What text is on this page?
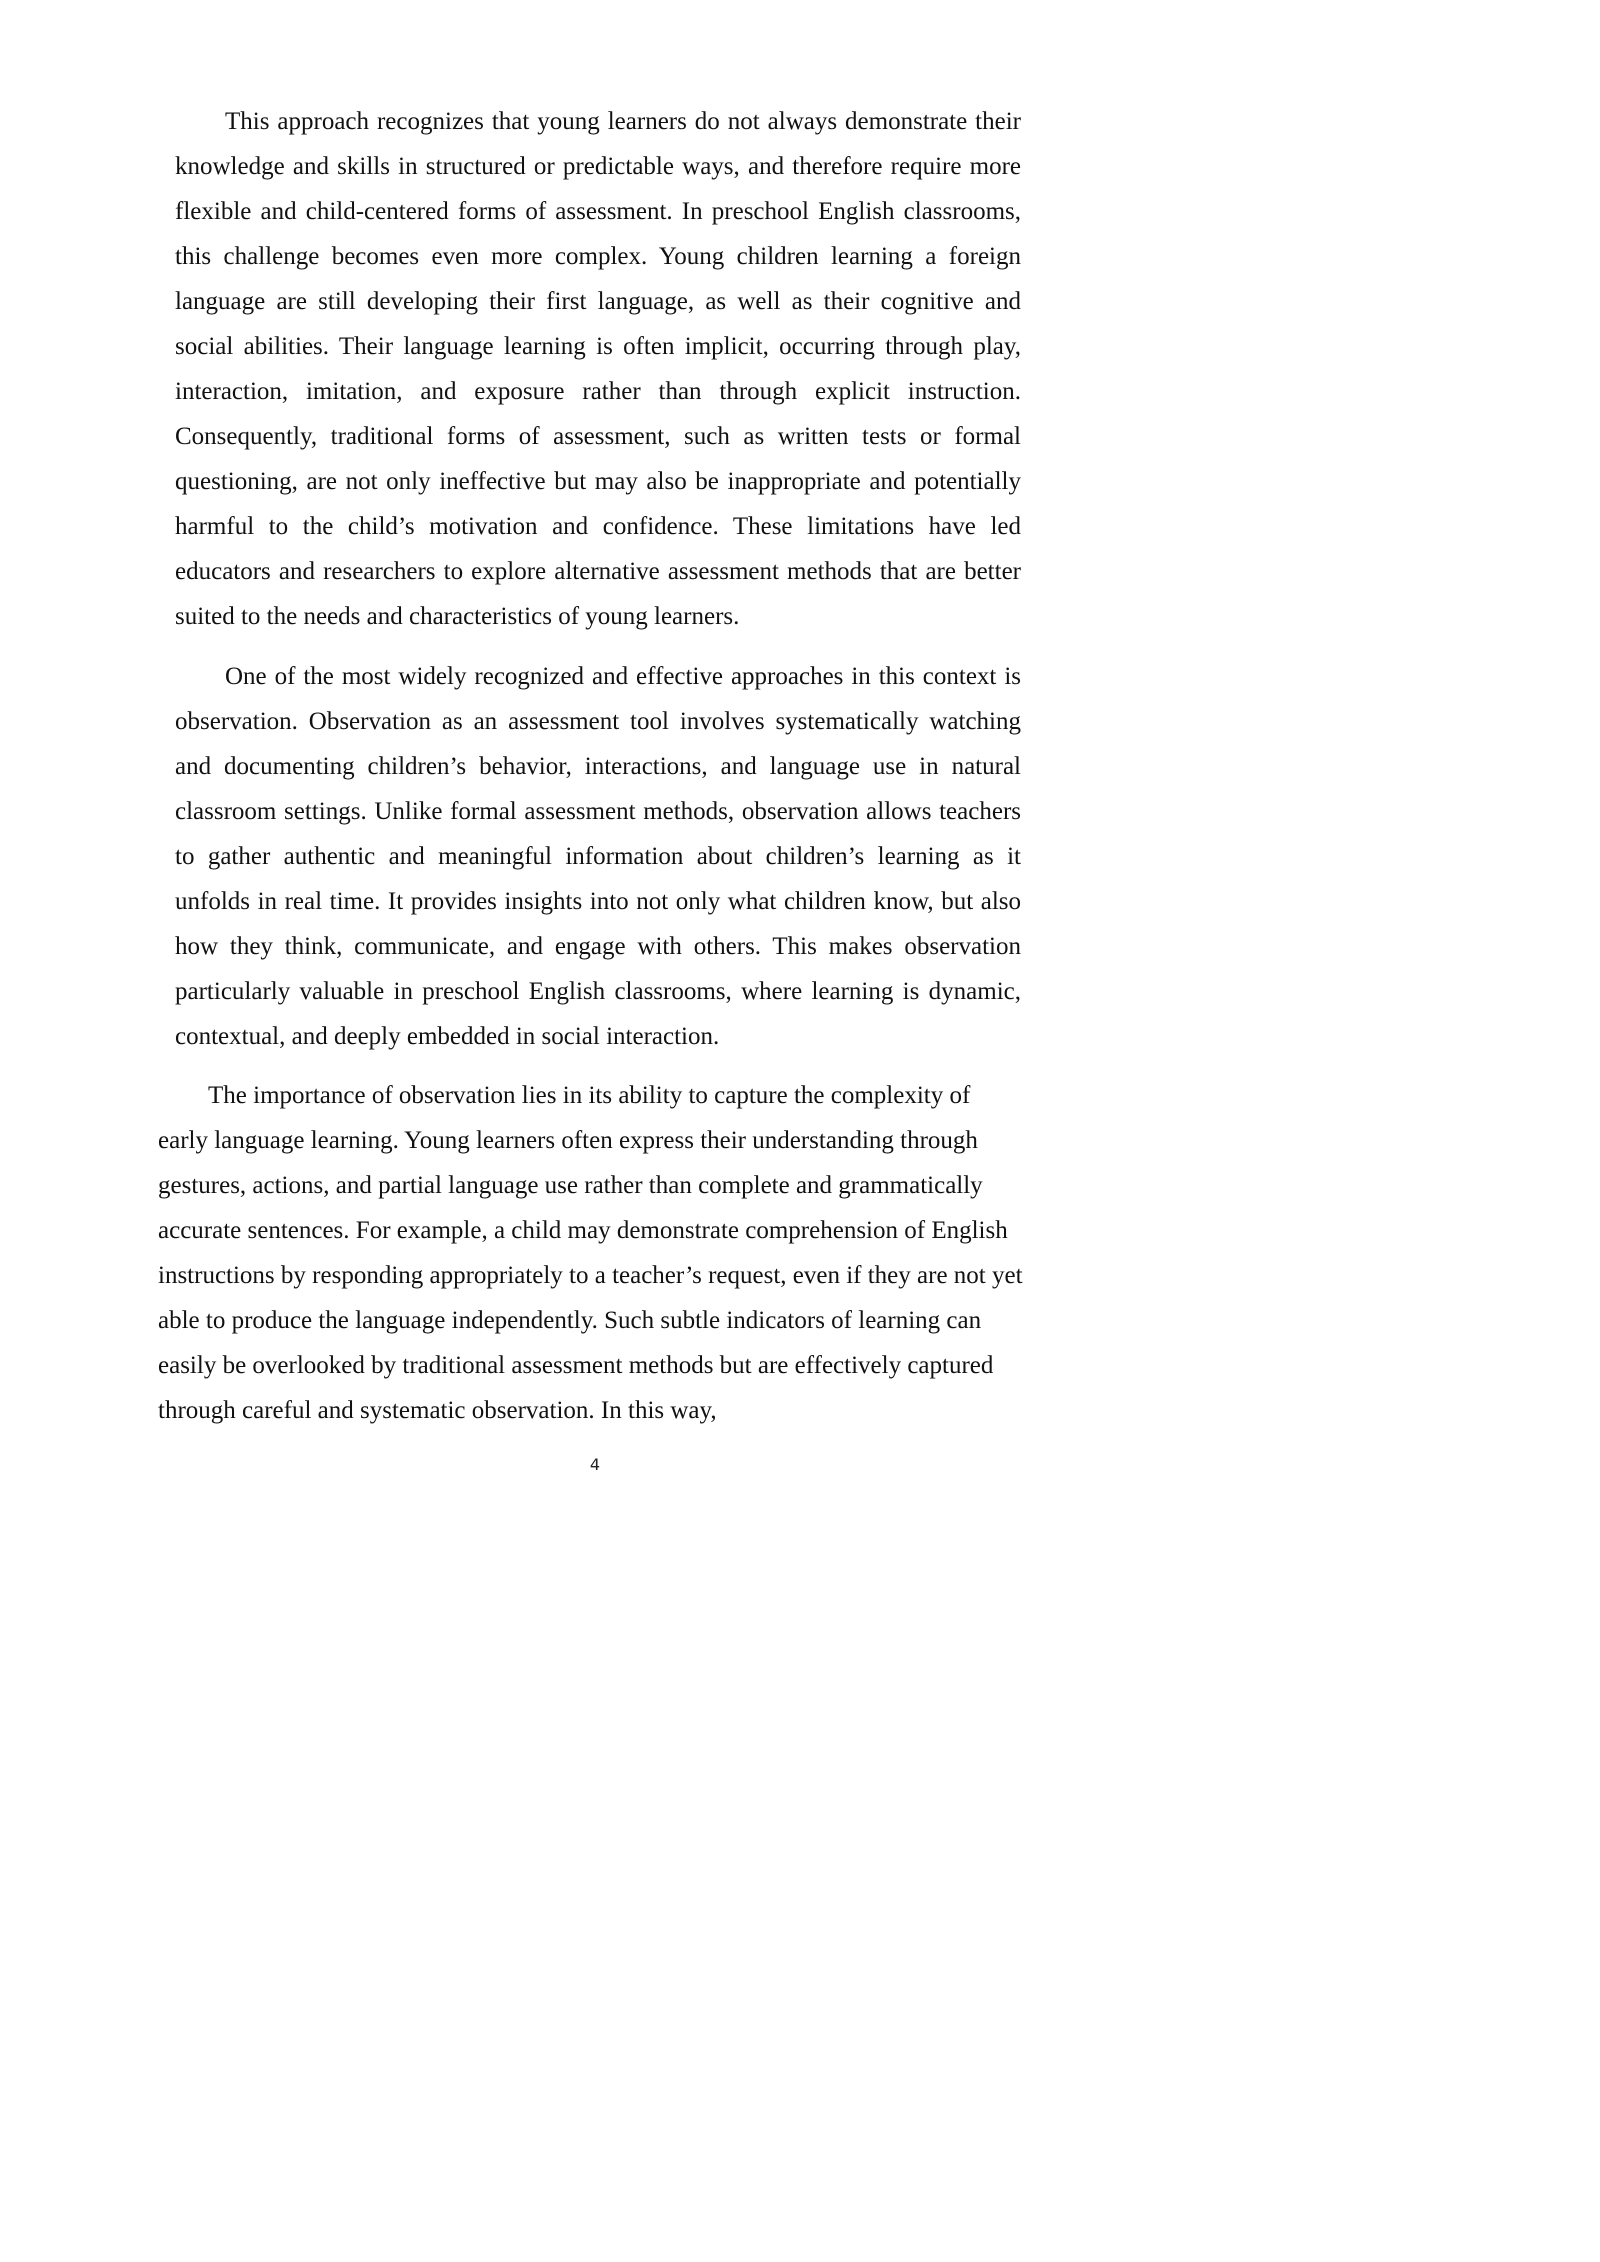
This approach recognizes that young learners do not always demonstrate their knowledge and skills in structured or predictable ways, and therefore require more flexible and child-centered forms of assessment. In preschool English classrooms, this challenge becomes even more complex. Young children learning a foreign language are still developing their first language, as well as their cognitive and social abilities. Their language learning is often implicit, occurring through play, interaction, imitation, and exposure rather than through explicit instruction. Consequently, traditional forms of assessment, such as written tests or formal questioning, are not only ineffective but may also be inappropriate and potentially harmful to the child’s motivation and confidence. These limitations have led educators and researchers to explore alternative assessment methods that are better suited to the needs and characteristics of young learners.

One of the most widely recognized and effective approaches in this context is observation. Observation as an assessment tool involves systematically watching and documenting children’s behavior, interactions, and language use in natural classroom settings. Unlike formal assessment methods, observation allows teachers to gather authentic and meaningful information about children’s learning as it unfolds in real time. It provides insights into not only what children know, but also how they think, communicate, and engage with others. This makes observation particularly valuable in preschool English classrooms, where learning is dynamic, contextual, and deeply embedded in social interaction.

The importance of observation lies in its ability to capture the complexity of early language learning. Young learners often express their understanding through gestures, actions, and partial language use rather than complete and grammatically accurate sentences. For example, a child may demonstrate comprehension of English instructions by responding appropriately to a teacher’s request, even if they are not yet able to produce the language independently. Such subtle indicators of learning can easily be overlooked by traditional assessment methods but are effectively captured through careful and systematic observation. In this way,

4
